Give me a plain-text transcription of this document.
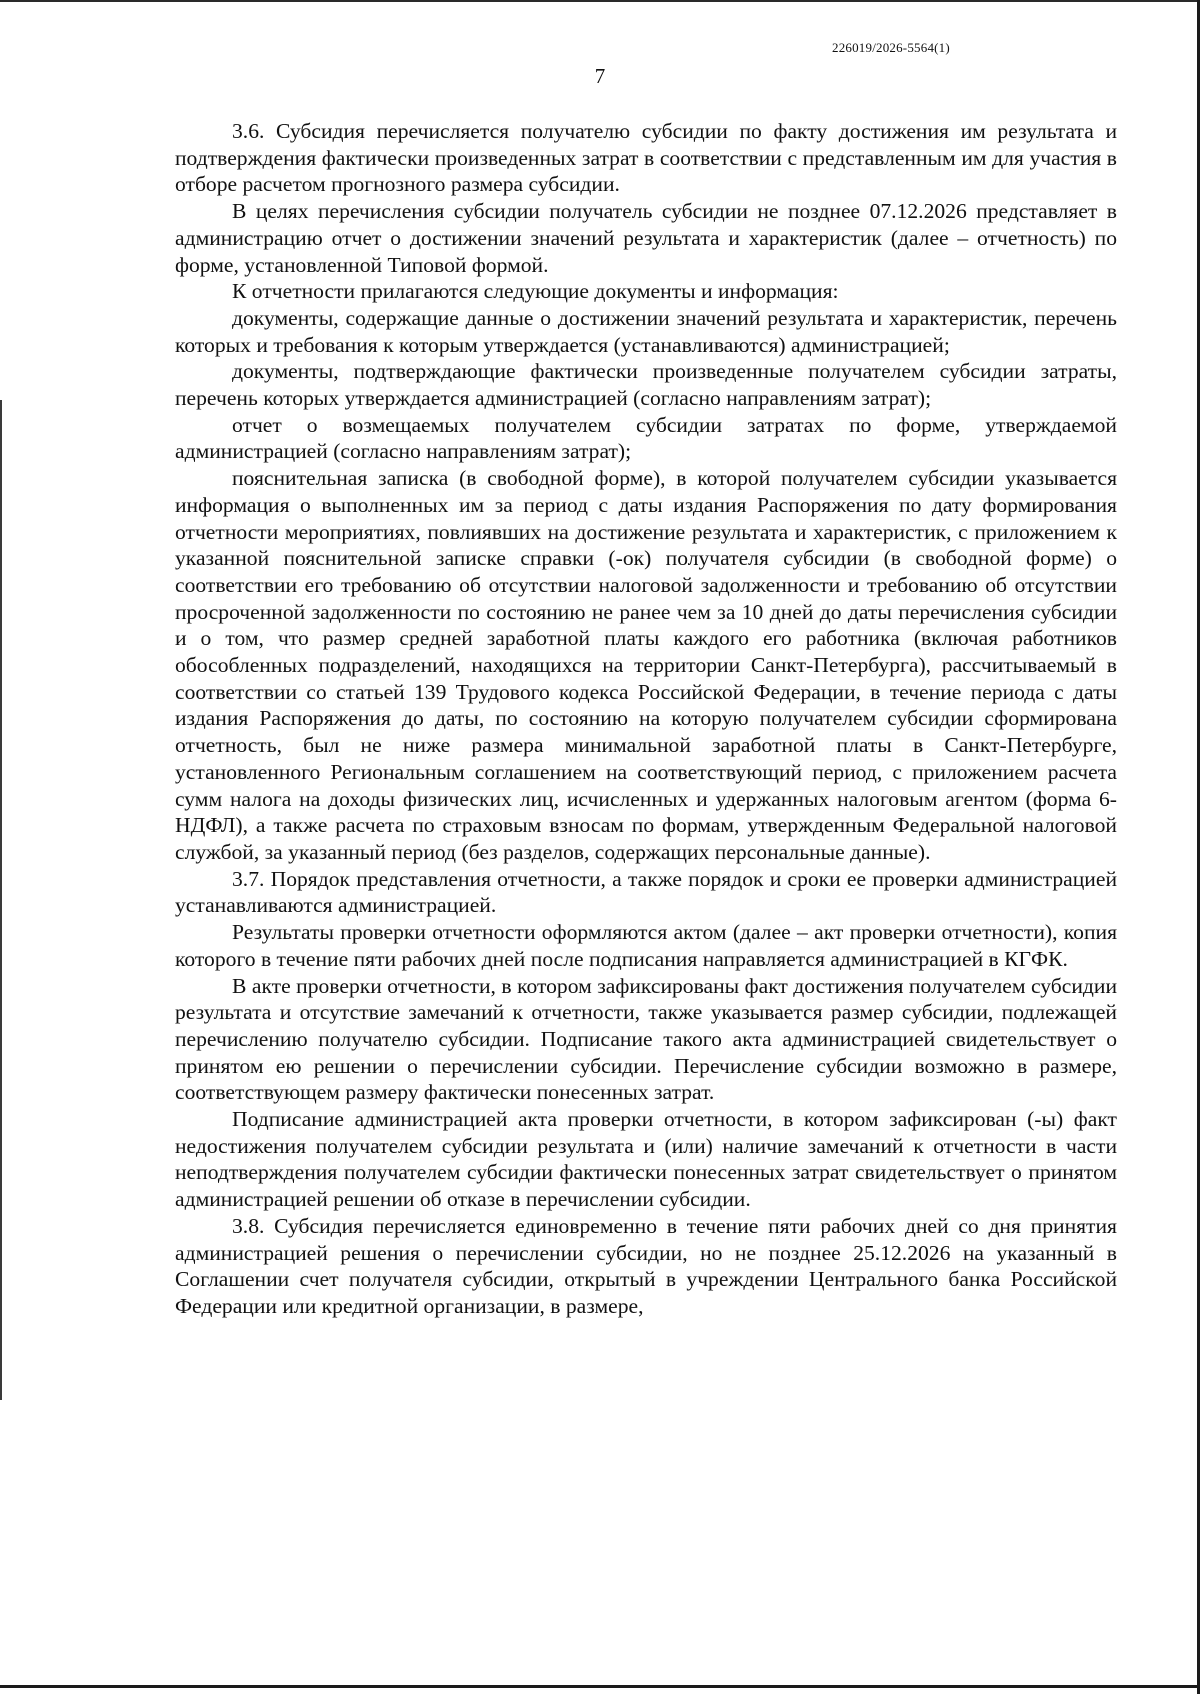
226019/2026-5564(1)
7

3.6. Субсидия перечисляется получателю субсидии по факту достижения им результата и подтверждения фактически произведенных затрат в соответствии с представленным им для участия в отборе расчетом прогнозного размера субсидии.

В целях перечисления субсидии получатель субсидии не позднее 07.12.2026 представляет в администрацию отчет о достижении значений результата и характеристик (далее – отчетность) по форме, установленной Типовой формой.

К отчетности прилагаются следующие документы и информация:

документы, содержащие данные о достижении значений результата и характеристик, перечень которых и требования к которым утверждается (устанавливаются) администрацией;

документы, подтверждающие фактически произведенные получателем субсидии затраты, перечень которых утверждается администрацией (согласно направлениям затрат);

отчет о возмещаемых получателем субсидии затратах по форме, утверждаемой администрацией (согласно направлениям затрат);

пояснительная записка (в свободной форме), в которой получателем субсидии указывается информация о выполненных им за период с даты издания Распоряжения по дату формирования отчетности мероприятиях, повлиявших на достижение результата и характеристик, с приложением к указанной пояснительной записке справки (-ок) получателя субсидии (в свободной форме) о соответствии его требованию об отсутствии налоговой задолженности и требованию об отсутствии просроченной задолженности по состоянию не ранее чем за 10 дней до даты перечисления субсидии и о том, что размер средней заработной платы каждого его работника (включая работников обособленных подразделений, находящихся на территории Санкт-Петербурга), рассчитываемый в соответствии со статьей 139 Трудового кодекса Российской Федерации, в течение периода с даты издания Распоряжения до даты, по состоянию на которую получателем субсидии сформирована отчетность, был не ниже размера минимальной заработной платы в Санкт-Петербурге, установленного Региональным соглашением на соответствующий период, с приложением расчета сумм налога на доходы физических лиц, исчисленных и удержанных налоговым агентом (форма 6-НДФЛ), а также расчета по страховым взносам по формам, утвержденным Федеральной налоговой службой, за указанный период (без разделов, содержащих персональные данные).

3.7. Порядок представления отчетности, а также порядок и сроки ее проверки администрацией устанавливаются администрацией.

Результаты проверки отчетности оформляются актом (далее – акт проверки отчетности), копия которого в течение пяти рабочих дней после подписания направляется администрацией в КГФК.

В акте проверки отчетности, в котором зафиксированы факт достижения получателем субсидии результата и отсутствие замечаний к отчетности, также указывается размер субсидии, подлежащей перечислению получателю субсидии. Подписание такого акта администрацией свидетельствует о принятом ею решении о перечислении субсидии. Перечисление субсидии возможно в размере, соответствующем размеру фактически понесенных затрат.

Подписание администрацией акта проверки отчетности, в котором зафиксирован (-ы) факт недостижения получателем субсидии результата и (или) наличие замечаний к отчетности в части неподтверждения получателем субсидии фактически понесенных затрат свидетельствует о принятом администрацией решении об отказе в перечислении субсидии.

3.8. Субсидия перечисляется единовременно в течение пяти рабочих дней со дня принятия администрацией решения о перечислении субсидии, но не позднее 25.12.2026 на указанный в Соглашении счет получателя субсидии, открытый в учреждении Центрального банка Российской Федерации или кредитной организации, в размере,
